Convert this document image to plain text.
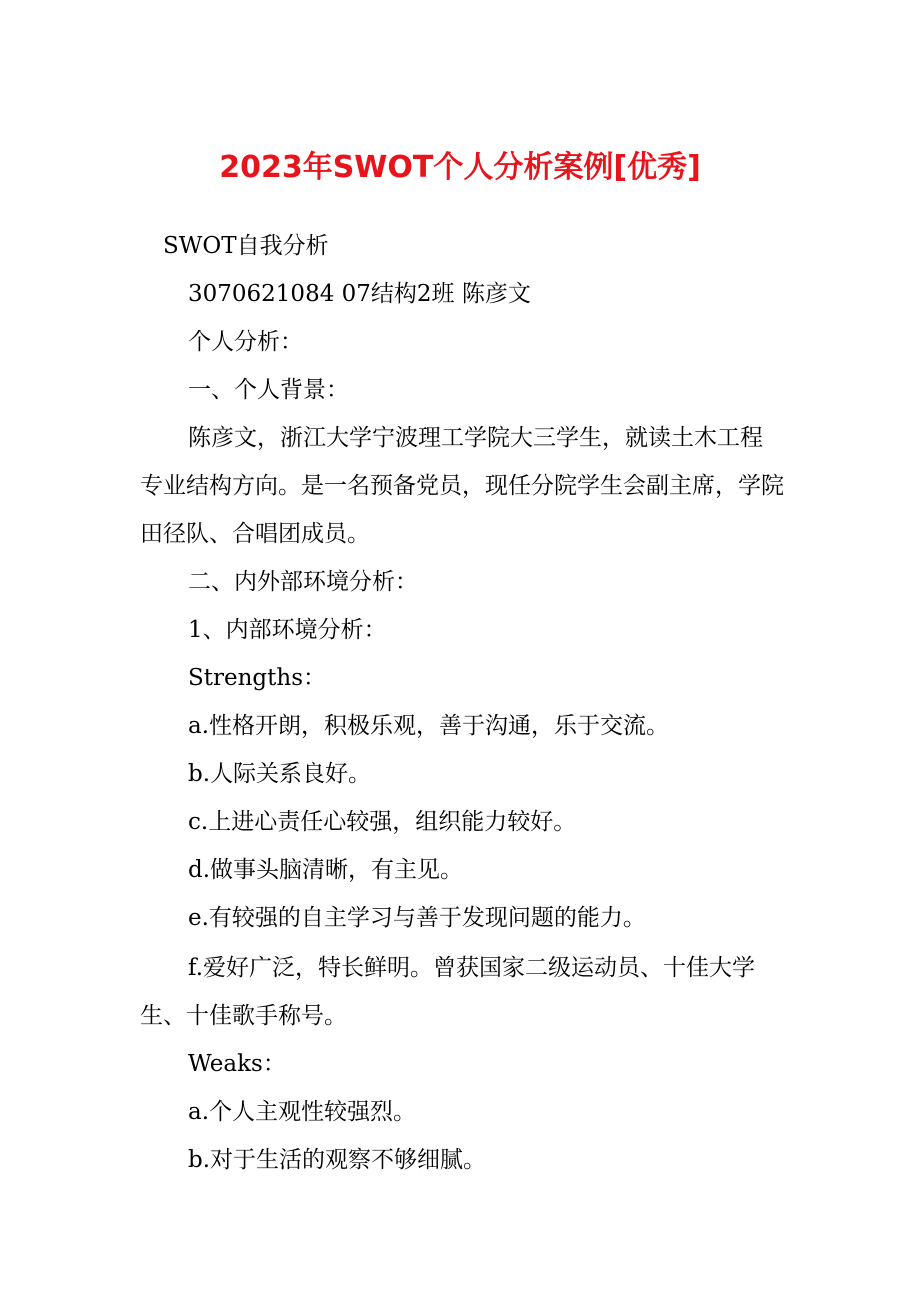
2023年SWOT个人分析案例[优秀]

SWOT自我分析

3070621084 07结构2班 陈彦文

个人分析：

一、个人背景：

陈彦文，浙江大学宁波理工学院大三学生，就读土木工程专业结构方向。是一名预备党员，现任分院学生会副主席，学院田径队、合唱团成员。

二、内外部环境分析：

1、内部环境分析：

Strengths：

a.性格开朗，积极乐观，善于沟通，乐于交流。

b.人际关系良好。

c.上进心责任心较强，组织能力较好。

d.做事头脑清晰，有主见。

e.有较强的自主学习与善于发现问题的能力。

f.爱好广泛，特长鲜明。曾获国家二级运动员、十佳大学生、十佳歌手称号。

Weaks：

a.个人主观性较强烈。

b.对于生活的观察不够细腻。
